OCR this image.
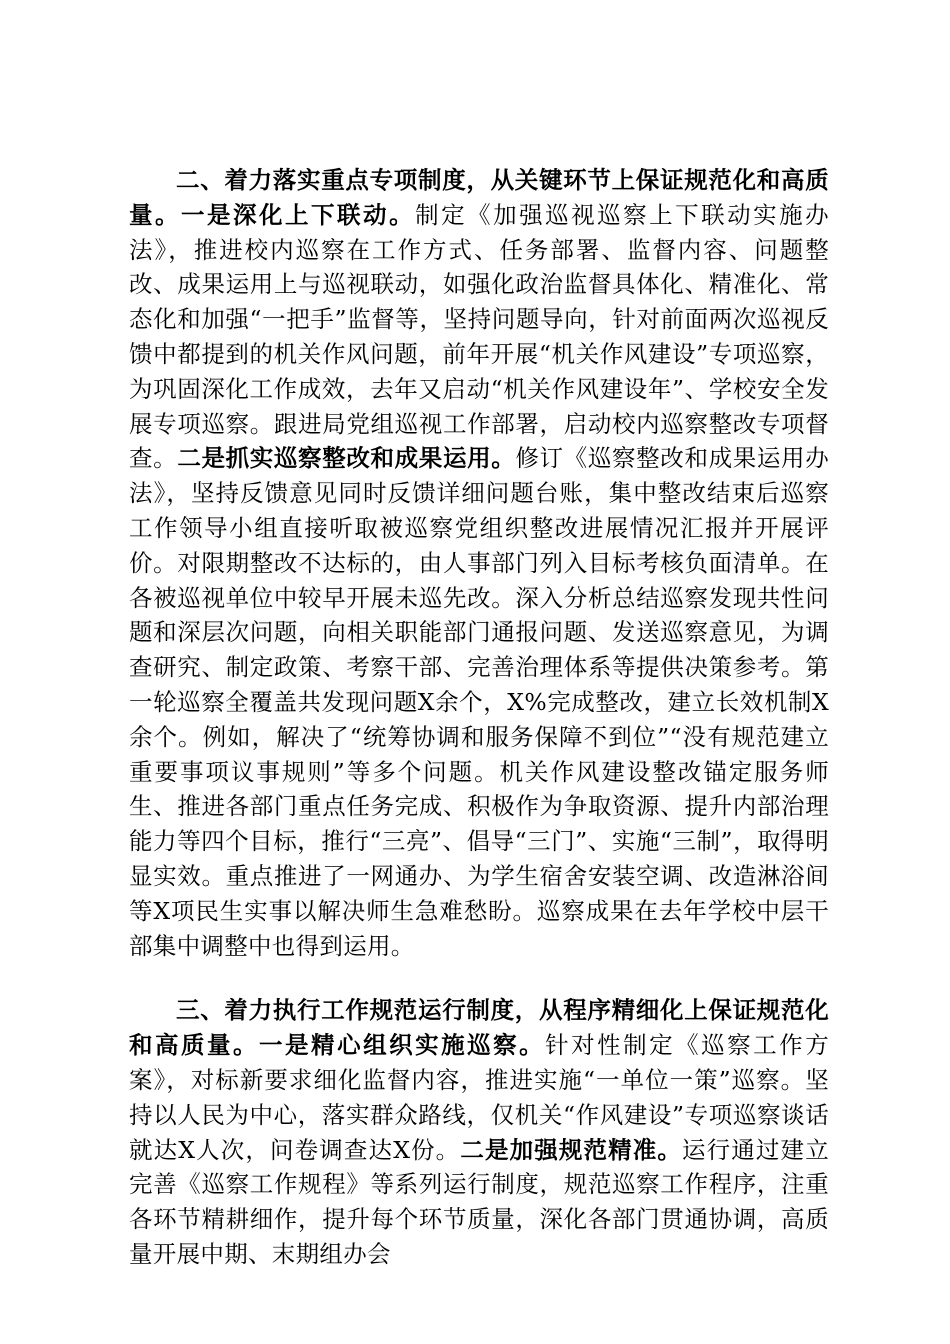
二、着力落实重点专项制度，从关键环节上保证规范化和高质量。一是深化上下联动。制定《加强巡视巡察上下联动实施办法》，推进校内巡察在工作方式、任务部署、监督内容、问题整改、成果运用上与巡视联动，如强化政治监督具体化、精准化、常态化和加强“一把手”监督等，坚持问题导向，针对前面两次巡视反馈中都提到的机关作风问题，前年开展“机关作风建设”专项巡察，为巩固深化工作成效，去年又启动“机关作风建设年”、学校安全发展专项巡察。跟进局党组巡视工作部署，启动校内巡察整改专项督查。二是抓实巡察整改和成果运用。修订《巡察整改和成果运用办法》，坚持反馈意见同时反馈详细问题台账，集中整改结束后巡察工作领导小组直接听取被巡察党组织整改进展情况汇报并开展评价。对限期整改不达标的，由人事部门列入目标考核负面清单。在各被巡视单位中较早开展未巡先改。深入分析总结巡察发现共性问题和深层次问题，向相关职能部门通报问题、发送巡察意见，为调查研究、制定政策、考察干部、完善治理体系等提供决策参考。第一轮巡察全覆盖共发现问题X余个，X%完成整改，建立长效机制X余个。例如，解决了“统筹协调和服务保障不到位”“没有规范建立重要事项议事规则”等多个问题。机关作风建设整改锚定服务师生、推进各部门重点任务完成、积极作为争取资源、提升内部治理能力等四个目标，推行“三亮”、倡导“三门”、实施“三制”，取得明显实效。重点推进了一网通办、为学生宿舍安装空调、改造淋浴间等X项民生实事以解决师生急难愁盼。巡察成果在去年学校中层干部集中调整中也得到运用。

三、着力执行工作规范运行制度，从程序精细化上保证规范化和高质量。一是精心组织实施巡察。针对性制定《巡察工作方案》，对标新要求细化监督内容，推进实施“一单位一策”巡察。坚持以人民为中心，落实群众路线，仅机关“作风建设”专项巡察谈话就达X人次，问卷调查达X份。二是加强规范精准。运行通过建立完善《巡察工作规程》等系列运行制度，规范巡察工作程序，注重各环节精耕细作，提升每个环节质量，深化各部门贯通协调，高质量开展中期、末期组办会
